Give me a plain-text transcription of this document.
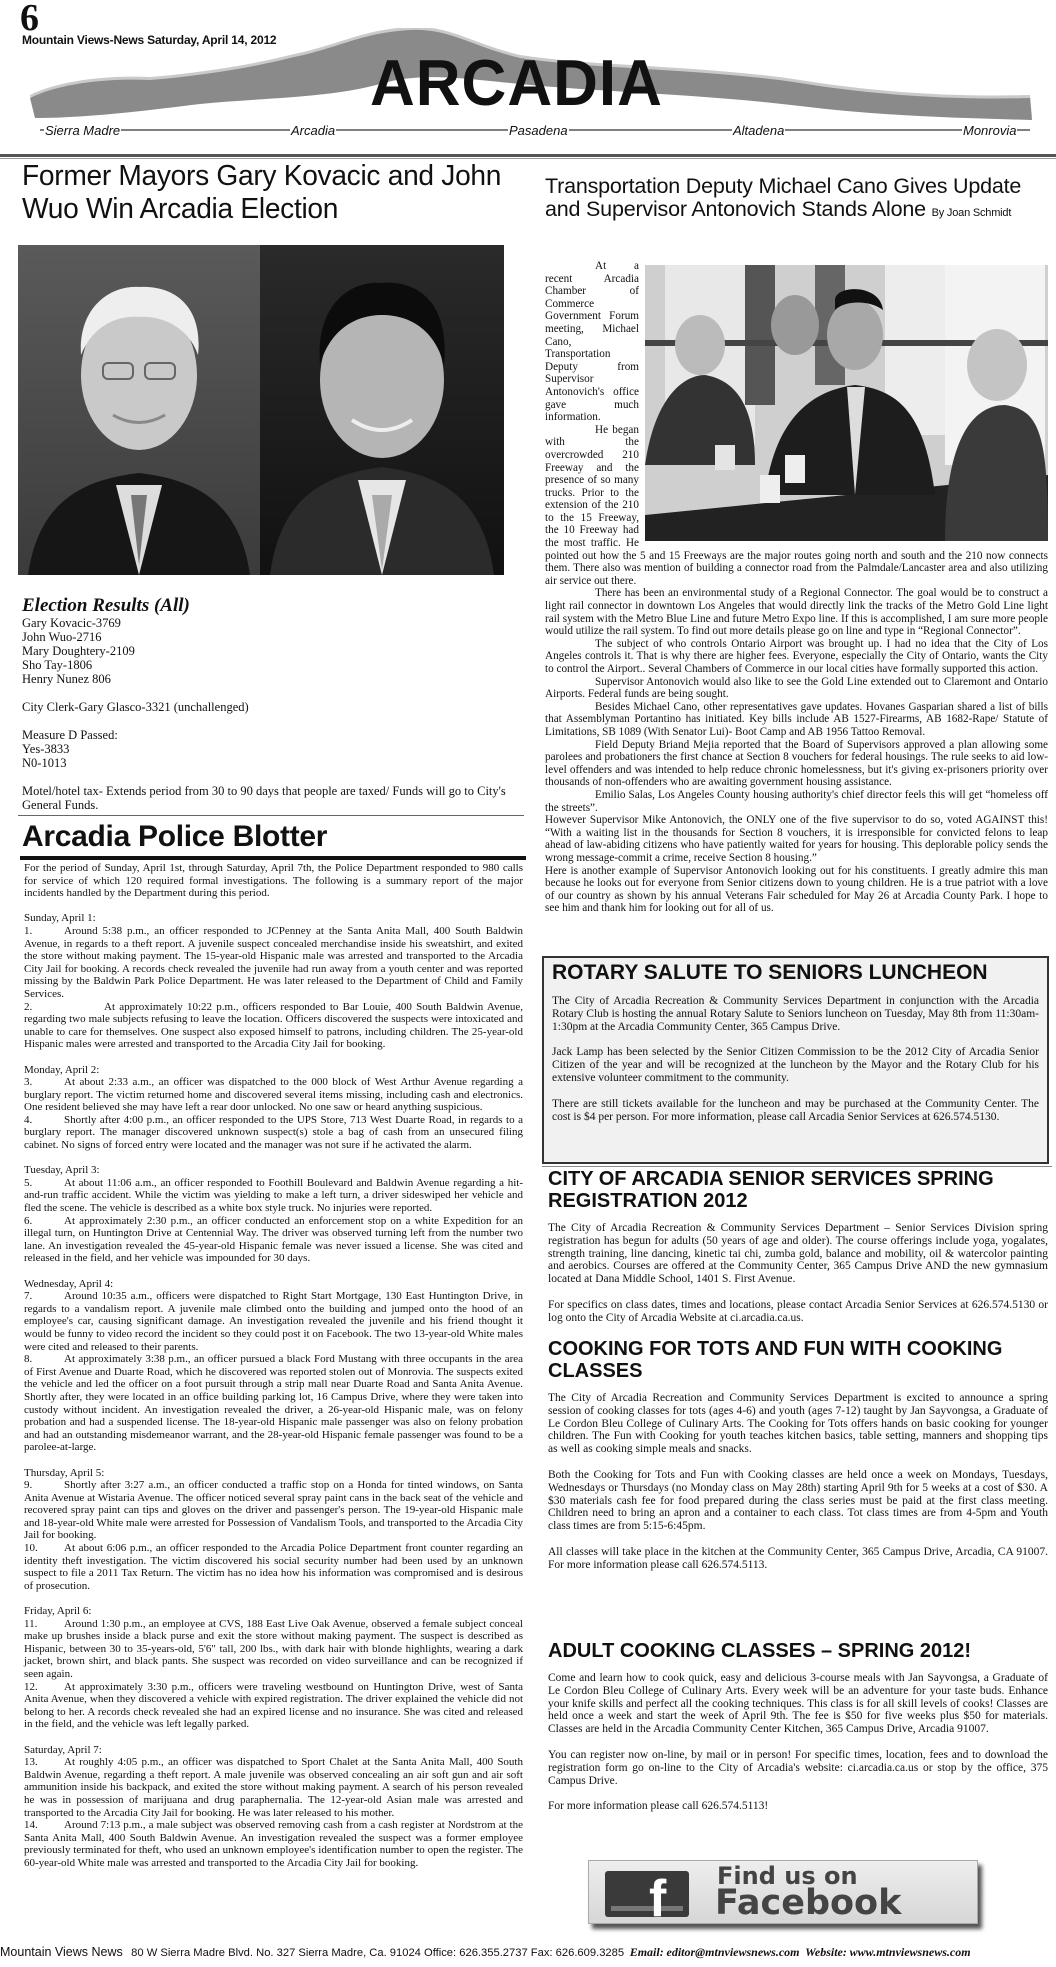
6
Mountain Views-News Saturday, April 14, 2012
ARCADIA
Sierra Madre	Arcadia	Pasadena	Altadena	Monrovia
Former Mayors Gary Kovacic and John Wuo Win Arcadia Election
Election Results (All)

Gary Kovacic-3769

John Wuo-2716

Mary Doughtery-2109

Sho Tay-1806

Henry Nunez 806

City Clerk-Gary Glasco-3321 (unchallenged)

Measure D Passed:

Yes-3833

N0-1013

Motel/hotel tax- Extends period from 30 to 90 days that people are taxed/ Funds will go to City's General Funds.

Arcadia Police Blotter

For the period of Sunday, April 1st, through Saturday, April 7th, the Police Department responded to 980 calls for service of which 120 required formal investigations. The following is a summary report of the major incidents handled by the Department during this period.

Sunday, April 1:

1.	Around 5:38 p.m., an officer responded to JCPenney at the Santa Anita Mall, 400 South Baldwin Avenue, in regards to a theft report. A juvenile suspect concealed merchandise inside his sweatshirt, and exited the store without making payment. The 15-year-old Hispanic male was arrested and transported to the Arcadia City Jail for booking. A records check revealed the juvenile had run away from a youth center and was reported missing by the Baldwin Park Police Department. He was later released to the Department of Child and Family Services.

2.	At approximately 10:22 p.m., officers responded to Bar Louie, 400 South Baldwin Avenue, regarding two male subjects refusing to leave the location. Officers discovered the suspects were intoxicated and unable to care for themselves. One suspect also exposed himself to patrons, including children. The 25-year-old Hispanic males were arrested and transported to the Arcadia City Jail for booking.

Monday, April 2:

3.	At about 2:33 a.m., an officer was dispatched to the 000 block of West Arthur Avenue regarding a burglary report. The victim returned home and discovered several items missing, including cash and electronics. One resident believed she may have left a rear door unlocked. No one saw or heard anything suspicious.

4.	Shortly after 4:00 p.m., an officer responded to the UPS Store, 713 West Duarte Road, in regards to a burglary report. The manager discovered unknown suspect(s) stole a bag of cash from an unsecured filing cabinet. No signs of forced entry were located and the manager was not sure if he activated the alarm.

Tuesday, April 3:

5.	At about 11:06 a.m., an officer responded to Foothill Boulevard and Baldwin Avenue regarding a hit-and-run traffic accident. While the victim was yielding to make a left turn, a driver sideswiped her vehicle and fled the scene. The vehicle is described as a white box style truck. No injuries were reported.

6.	At approximately 2:30 p.m., an officer conducted an enforcement stop on a white Expedition for an illegal turn, on Huntington Drive at Centennial Way. The driver was observed turning left from the number two lane. An investigation revealed the 45-year-old Hispanic female was never issued a license. She was cited and released in the field, and her vehicle was impounded for 30 days.

Wednesday, April 4:

7.	Around 10:35 a.m., officers were dispatched to Right Start Mortgage, 130 East Huntington Drive, in regards to a vandalism report. A juvenile male climbed onto the building and jumped onto the hood of an employee's car, causing significant damage. An investigation revealed the juvenile and his friend thought it would be funny to video record the incident so they could post it on Facebook. The two 13-year-old White males were cited and released to their parents.

8.	At approximately 3:38 p.m., an officer pursued a black Ford Mustang with three occupants in the area of First Avenue and Duarte Road, which he discovered was reported stolen out of Monrovia. The suspects exited the vehicle and led the officer on a foot pursuit through a strip mall near Duarte Road and Santa Anita Avenue. Shortly after, they were located in an office building parking lot, 16 Campus Drive, where they were taken into custody without incident. An investigation revealed the driver, a 26-year-old Hispanic male, was on felony probation and had a suspended license. The 18-year-old Hispanic male passenger was also on felony probation and had an outstanding misdemeanor warrant, and the 28-year-old Hispanic female passenger was found to be a parolee-at-large.

Thursday, April 5:

9.	Shortly after 3:27 a.m., an officer conducted a traffic stop on a Honda for tinted windows, on Santa Anita Avenue at Wistaria Avenue. The officer noticed several spray paint cans in the back seat of the vehicle and recovered spray paint can tips and gloves on the driver and passenger's person. The 19-year-old Hispanic male and 18-year-old White male were arrested for Possession of Vandalism Tools, and transported to the Arcadia City Jail for booking.

10. At about 6:06 p.m., an officer responded to the Arcadia Police Department front counter regarding an identity theft investigation. The victim discovered his social security number had been used by an unknown suspect to file a 2011 Tax Return. The victim has no idea how his information was compromised and is desirous of prosecution.

Friday, April 6:

11. Around 1:30 p.m., an employee at CVS, 188 East Live Oak Avenue, observed a female subject conceal make up brushes inside a black purse and exit the store without making payment. The suspect is described as Hispanic, between 30 to 35-years-old, 5'6" tall, 200 lbs., with dark hair with blonde highlights, wearing a dark jacket, brown shirt, and black pants. She suspect was recorded on video surveillance and can be recognized if seen again.

12. At approximately 3:30 p.m., officers were traveling westbound on Huntington Drive, west of Santa Anita Avenue, when they discovered a vehicle with expired registration. The driver explained the vehicle did not belong to her. A records check revealed she had an expired license and no insurance. She was cited and released in the field, and the vehicle was left legally parked.

Saturday, April 7:

13. At roughly 4:05 p.m., an officer was dispatched to Sport Chalet at the Santa Anita Mall, 400 South Baldwin Avenue, regarding a theft report. A male juvenile was observed concealing an air soft gun and air soft ammunition inside his backpack, and exited the store without making payment. A search of his person revealed he was in possession of marijuana and drug paraphernalia. The 12-year-old Asian male was arrested and transported to the Arcadia City Jail for booking. He was later released to his mother.

14. Around 7:13 p.m., a male subject was observed removing cash from a cash register at Nordstrom at the Santa Anita Mall, 400 South Baldwin Avenue. An investigation revealed the suspect was a former employee previously terminated for theft, who used an unknown employee's identification number to open the register. The 60-year-old White male was arrested and transported to the Arcadia City Jail for booking.

Transportation Deputy Michael Cano Gives Update and Supervisor Antonovich Stands Alone By Joan Schmidt

At a recent Arcadia Chamber of Commerce Government Forum meeting, Michael Cano, Transportation Deputy from Supervisor Antonovich's office gave much information.

He began with the overcrowded 210 Freeway and the presence of so many trucks. Prior to the extension of the 210 to the 15 Freeway, the 10 Freeway had the most traffic. He pointed out how the 5 and 15 Freeways are the major routes going north and south and the 210 now connects them. There also was mention of building a connector road from the Palmdale/Lancaster area and also utilizing air service out there.

There has been an environmental study of a Regional Connector. The goal would be to construct a light rail connector in downtown Los Angeles that would directly link the tracks of the Metro Gold Line light rail system with the Metro Blue Line and future Metro Expo line. If this is accomplished, I am sure more people would utilize the rail system. To find out more details please go on line and type in “Regional Connector”.

The subject of who controls Ontario Airport was brought up. I had no idea that the City of Los Angeles controls it. That is why there are higher fees. Everyone, especially the City of Ontario, wants the City to control the Airport.. Several Chambers of Commerce in our local cities have formally supported this action.

Supervisor Antonovich would also like to see the Gold Line extended out to Claremont and Ontario Airports. Federal funds are being sought.

Besides Michael Cano, other representatives gave updates. Hovanes Gasparian shared a list of bills that Assemblyman Portantino has initiated. Key bills include AB 1527-Firearms, AB 1682-Rape/ Statute of Limitations, SB 1089 (With Senator Lui)- Boot Camp and AB 1956 Tattoo Removal.

Field Deputy Briand Mejia reported that the Board of Supervisors approved a plan allowing some parolees and probationers the first chance at Section 8 vouchers for federal housings. The rule seeks to aid low-level offenders and was intended to help reduce chronic homelessness, but it's giving ex-prisoners priority over thousands of non-offenders who are awaiting government housing assistance.

Emilio Salas, Los Angeles County housing authority's chief director feels this will get “homeless off the streets”.

However Supervisor Mike Antonovich, the ONLY one of the five supervisor to do so, voted AGAINST this! “With a waiting list in the thousands for Section 8 vouchers, it is irresponsible for convicted felons to leap ahead of law-abiding citizens who have patiently waited for years for housing. This deplorable policy sends the wrong message-commit a crime, receive Section 8 housing.”

Here is another example of Supervisor Antonovich looking out for his constituents. I greatly admire this man because he looks out for everyone from Senior citizens down to young children. He is a true patriot with a love of our country as shown by his annual Veterans Fair scheduled for May 26 at Arcadia County Park. I hope to see him and thank him for looking out for all of us.

ROTARY SALUTE TO SENIORS LUNCHEON

The City of Arcadia Recreation & Community Services Department in conjunction with the Arcadia Rotary Club is hosting the annual Rotary Salute to Seniors luncheon on Tuesday, May 8th from 11:30am-1:30pm at the Arcadia Community Center, 365 Campus Drive.

Jack Lamp has been selected by the Senior Citizen Commission to be the 2012 City of Arcadia Senior Citizen of the year and will be recognized at the luncheon by the Mayor and the Rotary Club for his extensive volunteer commitment to the community.

There are still tickets available for the luncheon and may be purchased at the Community Center. The cost is $4 per person. For more information, please call Arcadia Senior Services at 626.574.5130.

CITY OF ARCADIA SENIOR SERVICES SPRING REGISTRATION 2012

The City of Arcadia Recreation & Community Services Department – Senior Services Division spring registration has begun for adults (50 years of age and older). The course offerings include yoga, yogalates, strength training, line dancing, kinetic tai chi, zumba gold, balance and mobility, oil & watercolor painting and aerobics. Courses are offered at the Community Center, 365 Campus Drive AND the new gymnasium located at Dana Middle School, 1401 S. First Avenue.

For specifics on class dates, times and locations, please contact Arcadia Senior Services at 626.574.5130 or log onto the City of Arcadia Website at ci.arcadia.ca.us.

COOKING FOR TOTS AND FUN WITH COOKING CLASSES

The City of Arcadia Recreation and Community Services Department is excited to announce a spring session of cooking classes for tots (ages 4-6) and youth (ages 7-12) taught by Jan Sayvongsa, a Graduate of Le Cordon Bleu College of Culinary Arts. The Cooking for Tots offers hands on basic cooking for younger children. The Fun with Cooking for youth teaches kitchen basics, table setting, manners and shopping tips as well as cooking simple meals and snacks.

Both the Cooking for Tots and Fun with Cooking classes are held once a week on Mondays, Tuesdays, Wednesdays or Thursdays (no Monday class on May 28th) starting April 9th for 5 weeks at a cost of $30. A $30 materials cash fee for food prepared during the class series must be paid at the first class meeting. Children need to bring an apron and a container to each class. Tot class times are from 4-5pm and Youth class times are from 5:15-6:45pm.

All classes will take place in the kitchen at the Community Center, 365 Campus Drive, Arcadia, CA 91007. For more information please call 626.574.5113.

ADULT COOKING CLASSES – SPRING 2012!

Come and learn how to cook quick, easy and delicious 3-course meals with Jan Sayvongsa, a Graduate of Le Cordon Bleu College of Culinary Arts. Every week will be an adventure for your taste buds. Enhance your knife skills and perfect all the cooking techniques. This class is for all skill levels of cooks! Classes are held once a week and start the week of April 9th. The fee is $50 for five weeks plus $50 for materials. Classes are held in the Arcadia Community Center Kitchen, 365 Campus Drive, Arcadia 91007.

You can register now on-line, by mail or in person! For specific times, location, fees and to download the registration form go on-line to the City of Arcadia's website: ci.arcadia.ca.us or stop by the office, 375 Campus Drive.

For more information please call 626.574.5113!

f Find us on
Facebook
Mountain Views News 80 W Sierra Madre Blvd. No. 327 Sierra Madre, Ca. 91024 Office: 626.355.2737 Fax: 626.609.3285 Email: editor@mtnviewsnews.com Website: www.mtnviewsnews.com
